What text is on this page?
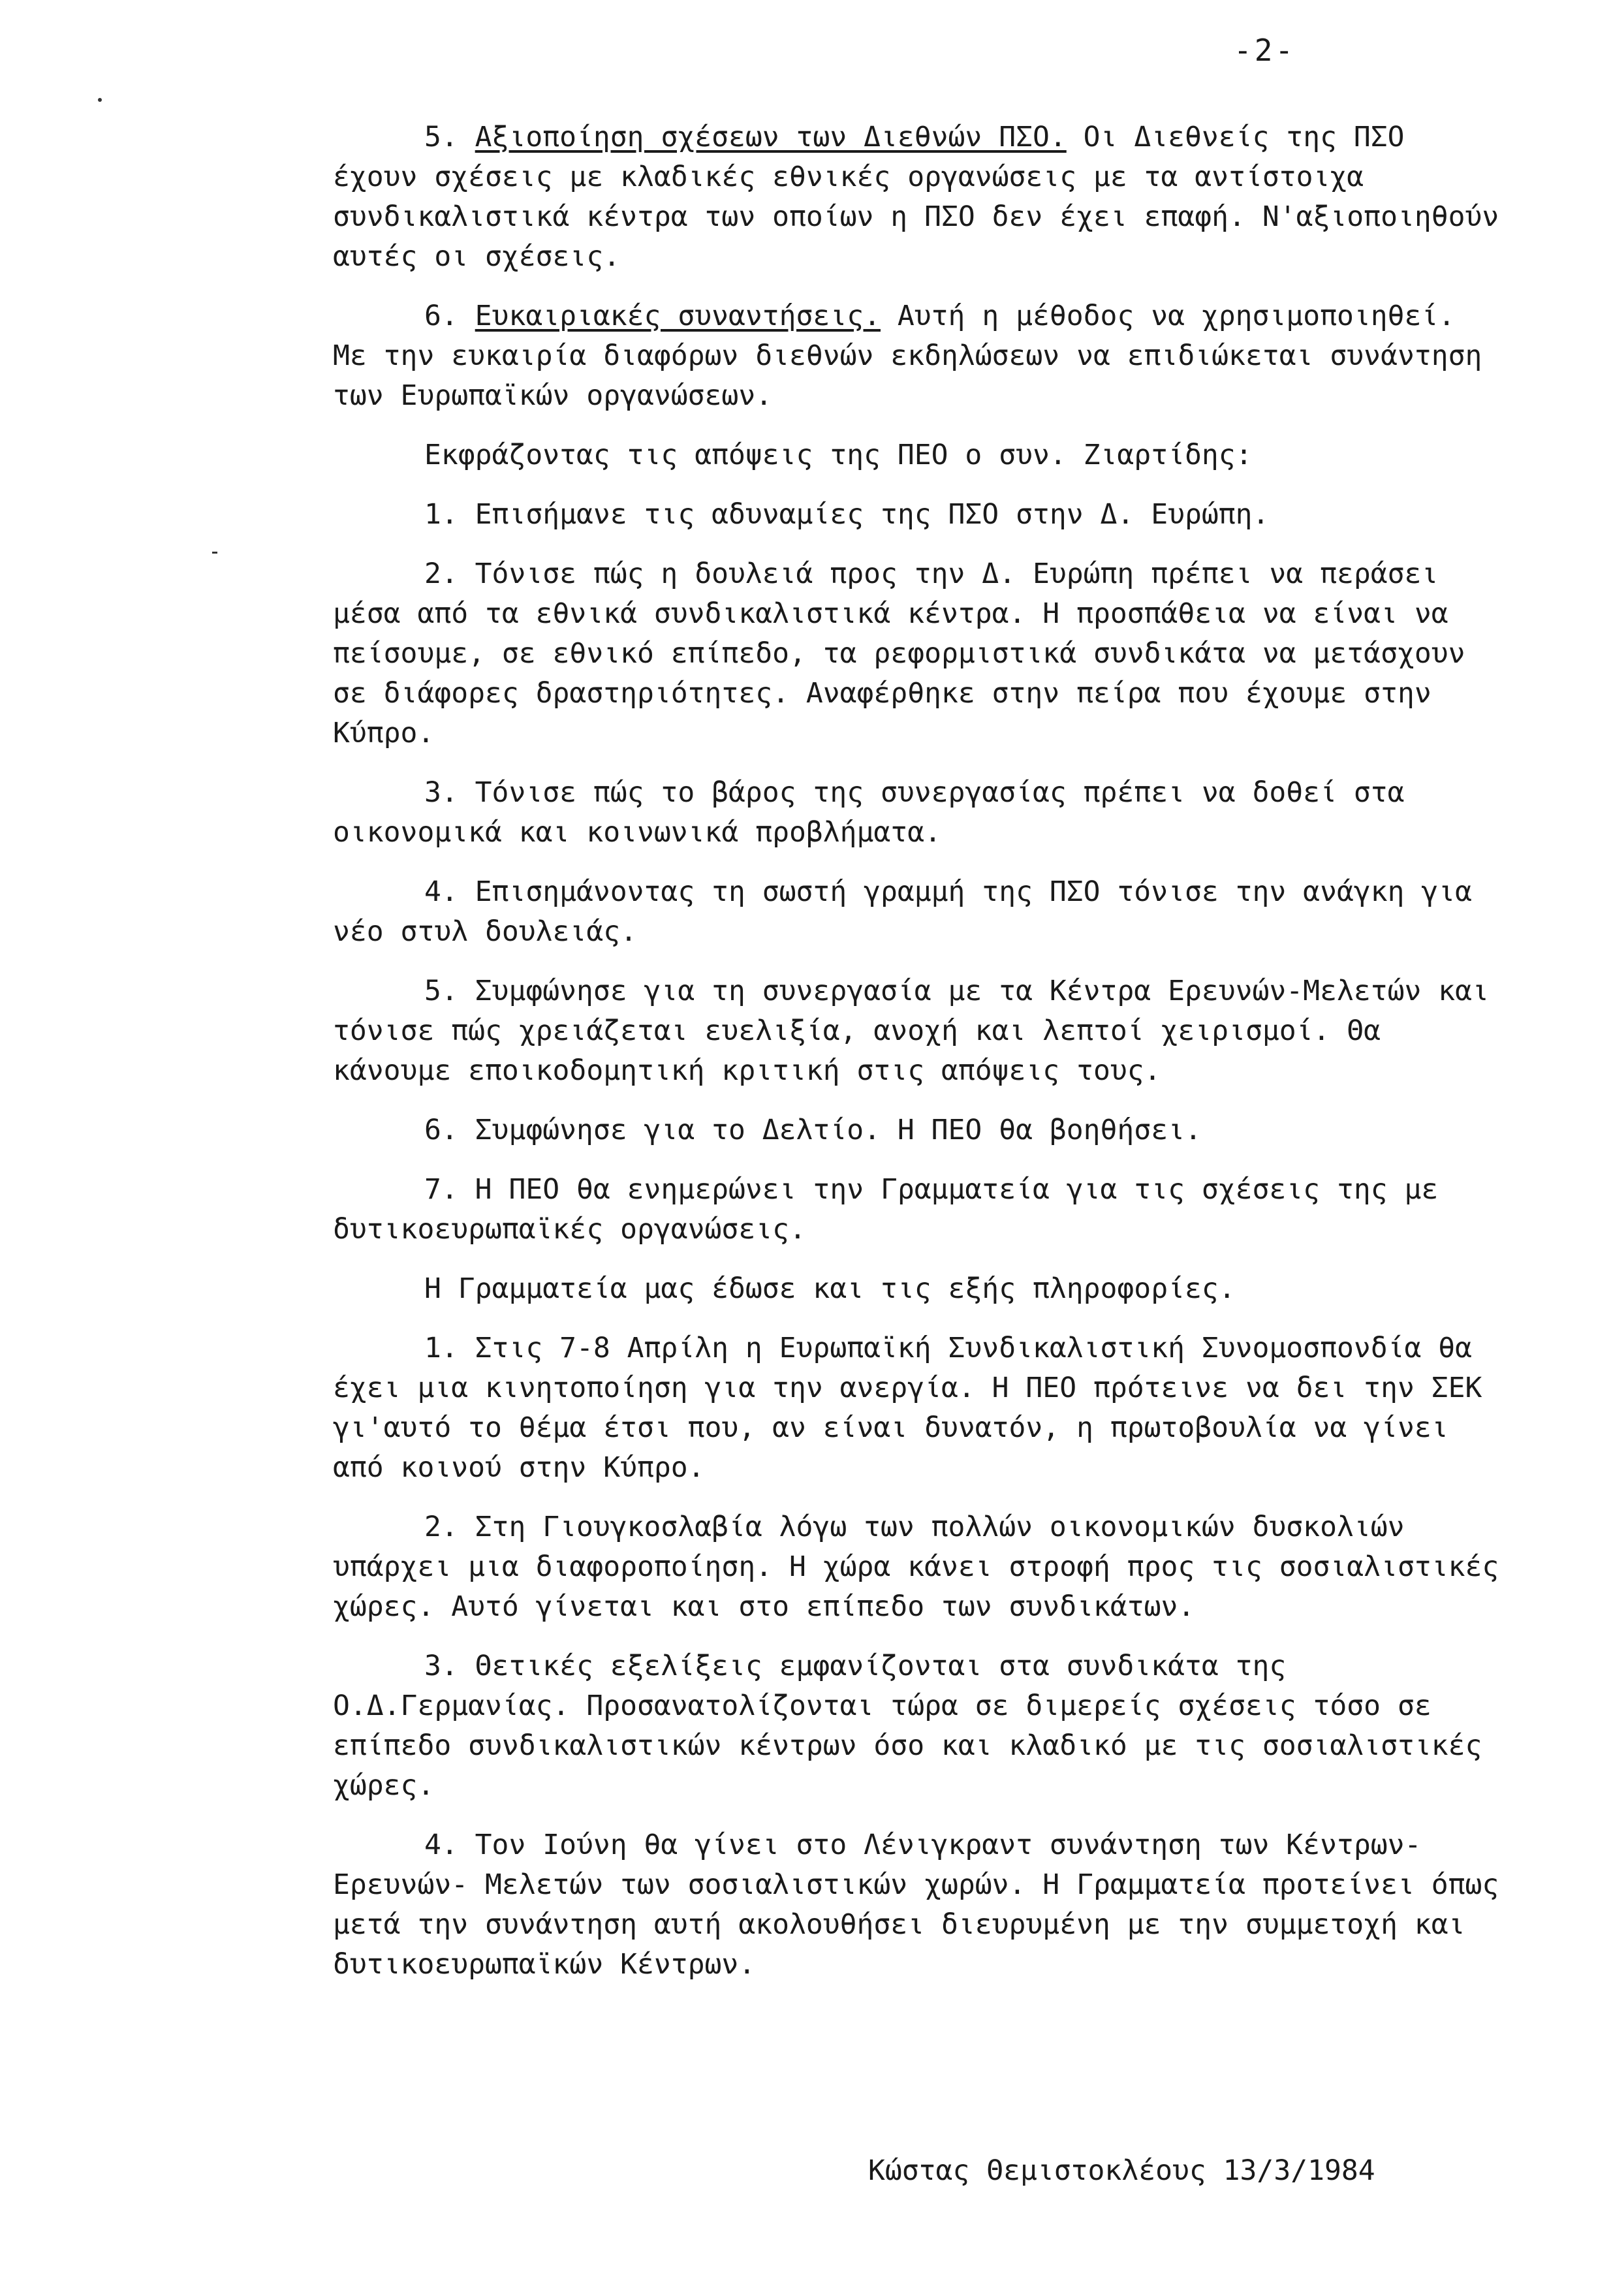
-2-

5. Αξιοποίηση σχέσεων των Διεθνών ΠΣΟ. Οι Διεθνείς της ΠΣΟ έχουν σχέσεις με κλαδικές εθνικές οργανώσεις με τα αντίστοιχα συνδικαλιστικά κέντρα των οποίων η ΠΣΟ δεν έχει επαφή. Ν'αξιοποιηθούν αυτές οι σχέσεις.

6. Ευκαιριακές συναντήσεις. Αυτή η μέθοδος να χρησιμοποιηθεί. Με την ευκαιρία διαφόρων διεθνών εκδηλώσεων να επιδιώκεται συνάντηση των Ευρωπαϊκών οργανώσεων.

Εκφράζοντας τις απόψεις της ΠΕΟ ο συν. Ζιαρτίδης:

1. Επισήμανε τις αδυναμίες της ΠΣΟ στην Δ. Ευρώπη.

2. Τόνισε πώς η δουλειά προς την Δ. Ευρώπη πρέπει να περάσει μέσα από τα εθνικά συνδικαλιστικά κέντρα. Η προσπάθεια να είναι να πείσουμε, σε εθνικό επίπεδο, τα ρεφορμιστικά συνδικάτα να μετάσχουν σε διάφορες δραστηριότητες. Αναφέρθηκε στην πείρα που έχουμε στην Κύπρο.

3. Τόνισε πώς το βάρος της συνεργασίας πρέπει να δοθεί στα οικονομικά και κοινωνικά προβλήματα.

4. Επισημάνοντας τη σωστή γραμμή της ΠΣΟ τόνισε την ανάγκη για νέο στυλ δουλειάς.

5. Συμφώνησε για τη συνεργασία με τα Κέντρα Ερευνών-Μελετών και τόνισε πώς χρειάζεται ευελιξία, ανοχή και λεπτοί χειρισμοί. Θα κάνουμε εποικοδομητική κριτική στις απόψεις τους.

6. Συμφώνησε για το Δελτίο. Η ΠΕΟ θα βοηθήσει.

7. Η ΠΕΟ θα ενημερώνει την Γραμματεία για τις σχέσεις της με δυτικοευρωπαϊκές οργανώσεις.

Η Γραμματεία μας έδωσε και τις εξής πληροφορίες.

1. Στις 7-8 Απρίλη η Ευρωπαϊκή Συνδικαλιστική Συνομοσπονδία θα έχει μια κινητοποίηση για την ανεργία. Η ΠΕΟ πρότεινε να δει την ΣΕΚ γι'αυτό το θέμα έτσι που, αν είναι δυνατόν, η πρωτοβουλία να γίνει από κοινού στην Κύπρο.

2. Στη Γιουγκοσλαβία λόγω των πολλών οικονομικών δυσκολιών υπάρχει μια διαφοροποίηση. Η χώρα κάνει στροφή προς τις σοσιαλιστικές χώρες. Αυτό γίνεται και στο επίπεδο των συνδικάτων.

3. Θετικές εξελίξεις εμφανίζονται στα συνδικάτα της Ο.Δ.Γερμανίας. Προσανατολίζονται τώρα σε διμερείς σχέσεις τόσο σε επίπεδο συνδικαλιστικών κέντρων όσο και κλαδικό με τις σοσιαλιστικές χώρες.

4. Τον Ιούνη θα γίνει στο Λένιγκραντ συνάντηση των Κέντρων-Ερευνών- Μελετών των σοσιαλιστικών χωρών. Η Γραμματεία προτείνει όπως μετά την συνάντηση αυτή ακολουθήσει διευρυμένη με την συμμετοχή και δυτικοευρωπαϊκών Κέντρων.

Κώστας Θεμιστοκλέους 13/3/1984
